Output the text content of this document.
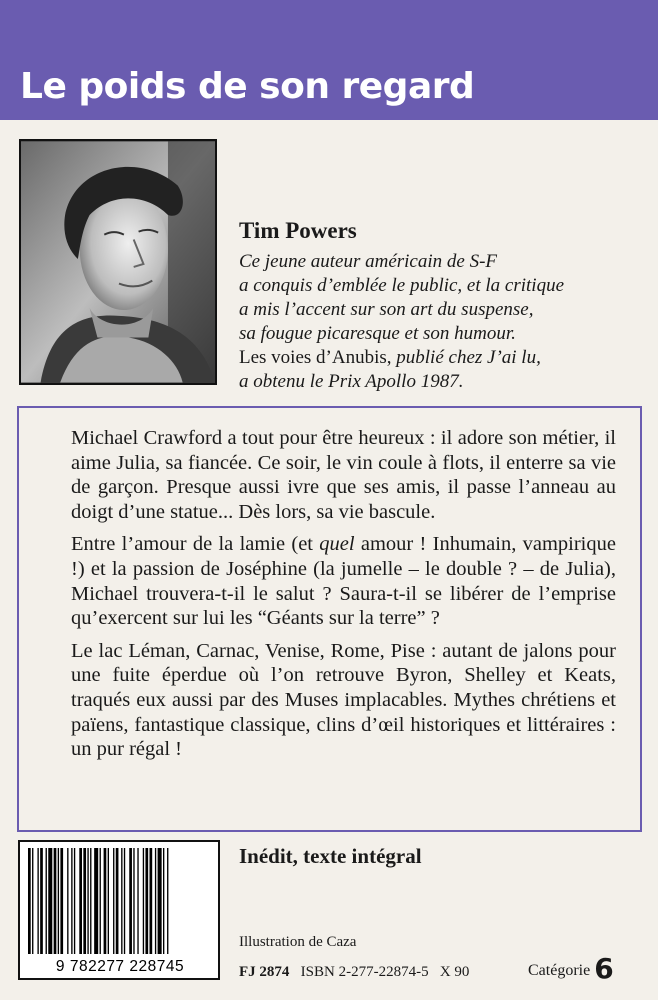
Le poids de son regard
Tim Powers
Ce jeune auteur américain de S-F
a conquis d’emblée le public, et la critique
a mis l’accent sur son art du suspense,
sa fougue picaresque et son humour.
Les voies d’Anubis, publié chez J’ai lu,
a obtenu le Prix Apollo 1987.

Michael Crawford a tout pour être heureux : il adore son métier, il aime Julia, sa fiancée. Ce soir, le vin coule à flots, il enterre sa vie de garçon. Presque aussi ivre que ses amis, il passe l’anneau au doigt d’une statue... Dès lors, sa vie bascule.

Entre l’amour de la lamie (et quel amour ! Inhumain, vampirique !) et la passion de Joséphine (la jumelle – le double ? – de Julia), Michael trouvera-t-il le salut ? Saura-t-il se libérer de l’emprise qu’exercent sur lui les “Géants sur la terre” ?

Le lac Léman, Carnac, Venise, Rome, Pise : autant de jalons pour une fuite éperdue où l’on retrouve Byron, Shelley et Keats, traqués eux aussi par des Muses implacables. Mythes chrétiens et païens, fantastique classique, clins d’œil historiques et littéraires : un pur régal !

9 782277 228745
Inédit, texte intégral
Illustration de Caza
FJ 2874 ISBN 2-277-22874-5 X 90	Catégorie 6
